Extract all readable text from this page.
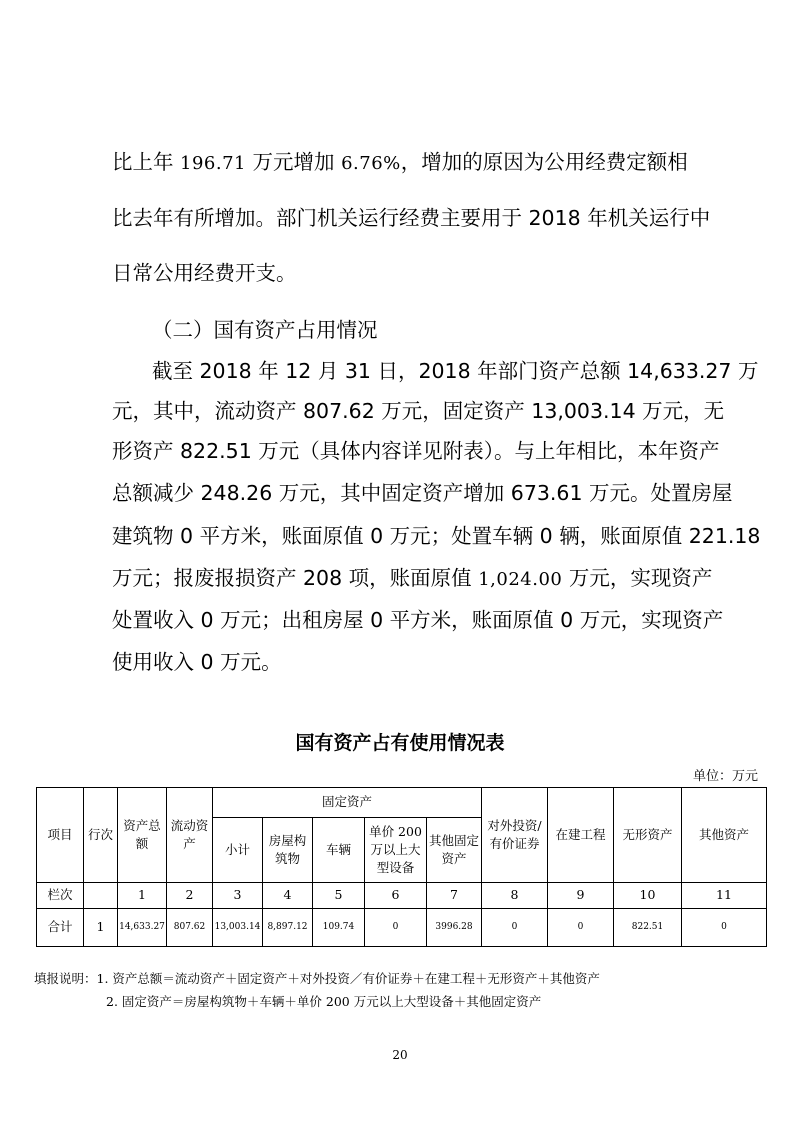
比上年 196.71 万元增加 6.76%，增加的原因为公用经费定额相
比去年有所增加。部门机关运行经费主要用于 2018 年机关运行中
日常公用经费开支。
（二）国有资产占用情况
截至 2018 年 12 月 31 日，2018 年部门资产总额 14,633.27 万
元，其中，流动资产 807.62 万元，固定资产 13,003.14 万元，无
形资产 822.51 万元（具体内容详见附表）。与上年相比，本年资产
总额减少 248.26 万元，其中固定资产增加 673.61 万元。处置房屋
建筑物 0 平方米，账面原值 0 万元；处置车辆 0 辆，账面原值 221.18
万元；报废报损资产 208 项，账面原值 1,024.00 万元，实现资产
处置收入 0 万元；出租房屋 0 平方米，账面原值 0 万元，实现资产
使用收入 0 万元。
国有资产占有使用情况表
单位：万元
项目	行次	资产总额	流动资产	固定资产					对外投资/有价证券	在建工程	无形资产	其他资产
				小计	房屋构筑物	车辆	单价 200 万以上大型设备	其他固定资产				
栏次		1	2	3	4	5	6	7	8	9	10	11
合计	1	14,633.27	807.62	13,003.14	8,897.12	109.74	0	3996.28	0	0	822.51	0
填报说明：1. 资产总额＝流动资产＋固定资产＋对外投资／有价证券＋在建工程＋无形资产＋其他资产
2. 固定资产＝房屋构筑物＋车辆＋单价 200 万元以上大型设备＋其他固定资产
20
